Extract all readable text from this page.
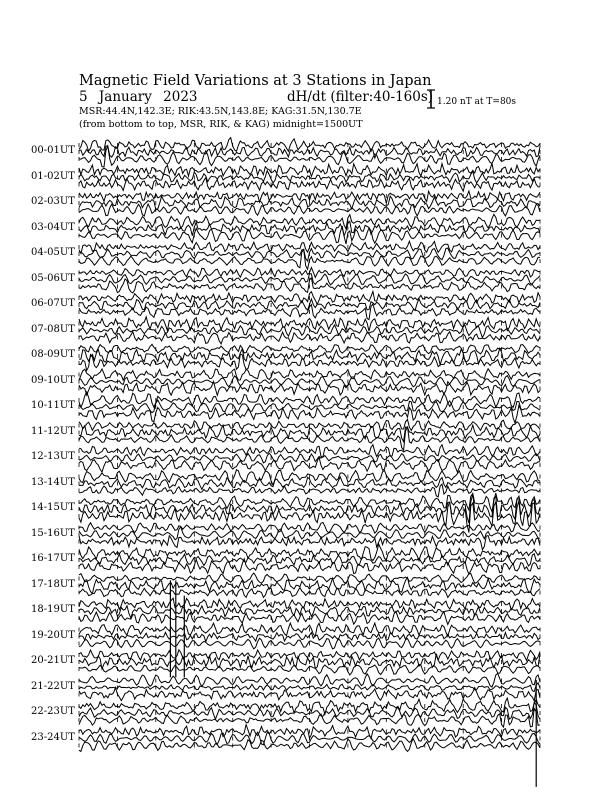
Magnetic Field Variations at 3 Stations in Japan
5 January 2023	dH/dt (filter:40-160s)
MSR:44.4N,142.3E; RIK:43.5N,143.8E; KAG:31.5N,130.7E
(from bottom to top, MSR, RIK, & KAG) midnight=1500UT
1.20 nT at T=80s
00-01UT
01-02UT
02-03UT
03-04UT
04-05UT
05-06UT
06-07UT
07-08UT
08-09UT
09-10UT
10-11UT
11-12UT
12-13UT
13-14UT
14-15UT
15-16UT
16-17UT
17-18UT
18-19UT
19-20UT
20-21UT
21-22UT
22-23UT
23-24UT
